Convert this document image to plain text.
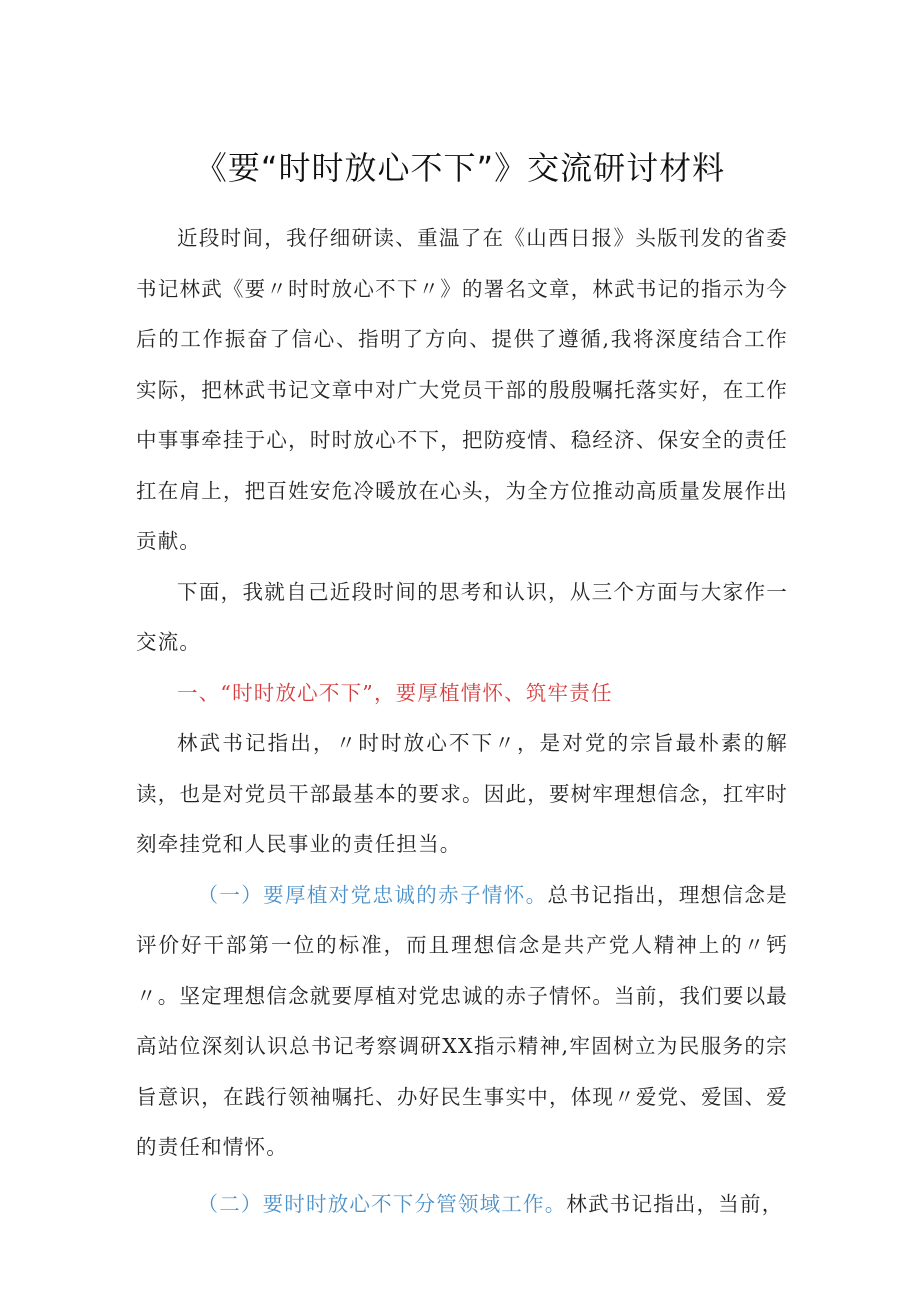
《要“时时放心不下”》交流研讨材料

近段时间，我仔细研读、重温了在《山西日报》头版刊发的省委书记林武《要〃时时放心不下〃》的署名文章，林武书记的指示为今后的工作振奋了信心、指明了方向、提供了遵循,我将深度结合工作实际，把林武书记文章中对广大党员干部的殷殷嘱托落实好，在工作中事事牵挂于心，时时放心不下，把防疫情、稳经济、保安全的责任扛在肩上，把百姓安危冷暖放在心头，为全方位推动高质量发展作出贡献。

下面，我就自己近段时间的思考和认识，从三个方面与大家作一交流。

一、“时时放心不下”，要厚植情怀、筑牢责任

林武书记指出，〃时时放心不下〃，是对党的宗旨最朴素的解读，也是对党员干部最基本的要求。因此，要树牢理想信念，扛牢时刻牵挂党和人民事业的责任担当。

（一）要厚植对党忠诚的赤子情怀。总书记指出，理想信念是评价好干部第一位的标准，而且理想信念是共产党人精神上的〃钙〃。坚定理想信念就要厚植对党忠诚的赤子情怀。当前，我们要以最高站位深刻认识总书记考察调研XX指示精神,牢固树立为民服务的宗旨意识，在践行领袖嘱托、办好民生事实中，体现〃爱党、爱国、爱的责任和情怀。

（二）要时时放心不下分管领域工作。林武书记指出，当前，
